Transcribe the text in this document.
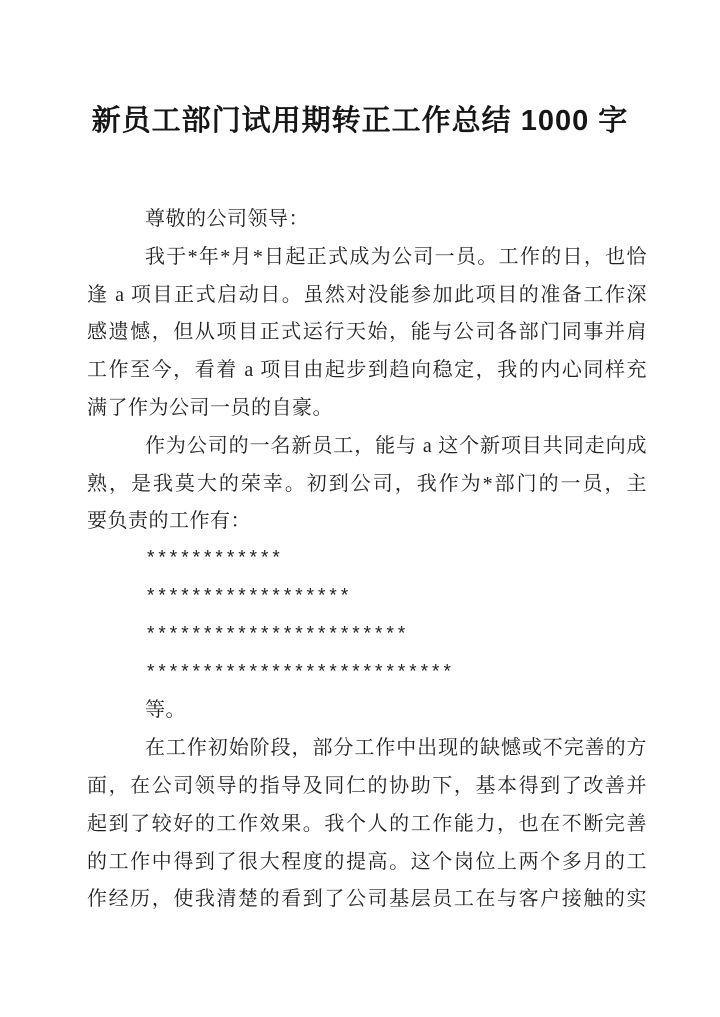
新员工部门试用期转正工作总结 1000 字
尊敬的公司领导：
我于*年*月*日起正式成为公司一员。工作的日，也恰
逢 a 项目正式启动日。虽然对没能参加此项目的准备工作深
感遗憾，但从项目正式运行天始，能与公司各部门同事并肩
工作至今，看着 a 项目由起步到趋向稳定，我的内心同样充
满了作为公司一员的自豪。
作为公司的一名新员工，能与 a 这个新项目共同走向成
熟，是我莫大的荣幸。初到公司，我作为*部门的一员，主
要负责的工作有：
************
******************
***********************
***************************
等。
在工作初始阶段，部分工作中出现的缺憾或不完善的方
面，在公司领导的指导及同仁的协助下，基本得到了改善并
起到了较好的工作效果。我个人的工作能力，也在不断完善
的工作中得到了很大程度的提高。这个岗位上两个多月的工
作经历，使我清楚的看到了公司基层员工在与客户接触的实
